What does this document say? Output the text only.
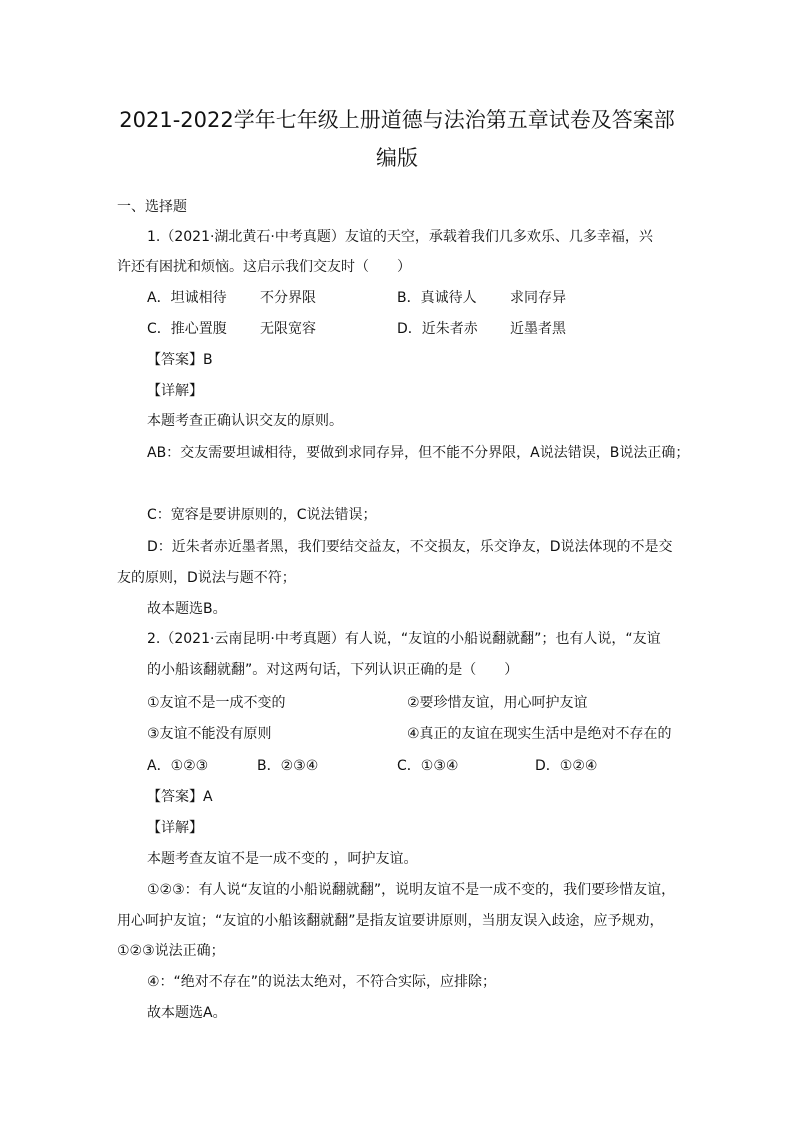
2021-2022学年七年级上册道德与法治第五章试卷及答案部
编版
一、选择题
1.（2021·湖北黄石·中考真题）友谊的天空，承载着我们几多欢乐、几多幸福，兴
许还有困扰和烦恼。这启示我们交友时（　　）
A．坦诚相待 不分界限	B．真诚待人 求同存异
C．推心置腹 无限宽容	D．近朱者赤 近墨者黑
【答案】B
【详解】
本题考查正确认识交友的原则。
AB：交友需要坦诚相待，要做到求同存异，但不能不分界限，A说法错误，B说法正确；
C：宽容是要讲原则的，C说法错误；
D：近朱者赤近墨者黑，我们要结交益友，不交损友，乐交诤友，D说法体现的不是交
友的原则，D说法与题不符；
故本题选B。
2.（2021·云南昆明·中考真题）有人说，“友谊的小船说翻就翻”；也有人说，“友谊
的小船该翻就翻”。对这两句话，下列认识正确的是（　　）
①友谊不是一成不变的	②要珍惜友谊，用心呵护友谊
③友谊不能没有原则	④真正的友谊在现实生活中是绝对不存在的
A．①②③	B．②③④	C．①③④	D．①②④
【答案】A
【详解】
本题考查友谊不是一成不变的 ，呵护友谊。
①②③：有人说“友谊的小船说翻就翻”，说明友谊不是一成不变的，我们要珍惜友谊，
用心呵护友谊；“友谊的小船该翻就翻”是指友谊要讲原则，当朋友误入歧途，应予规劝，
①②③说法正确；
④：“绝对不存在”的说法太绝对，不符合实际，应排除；
故本题选A。
